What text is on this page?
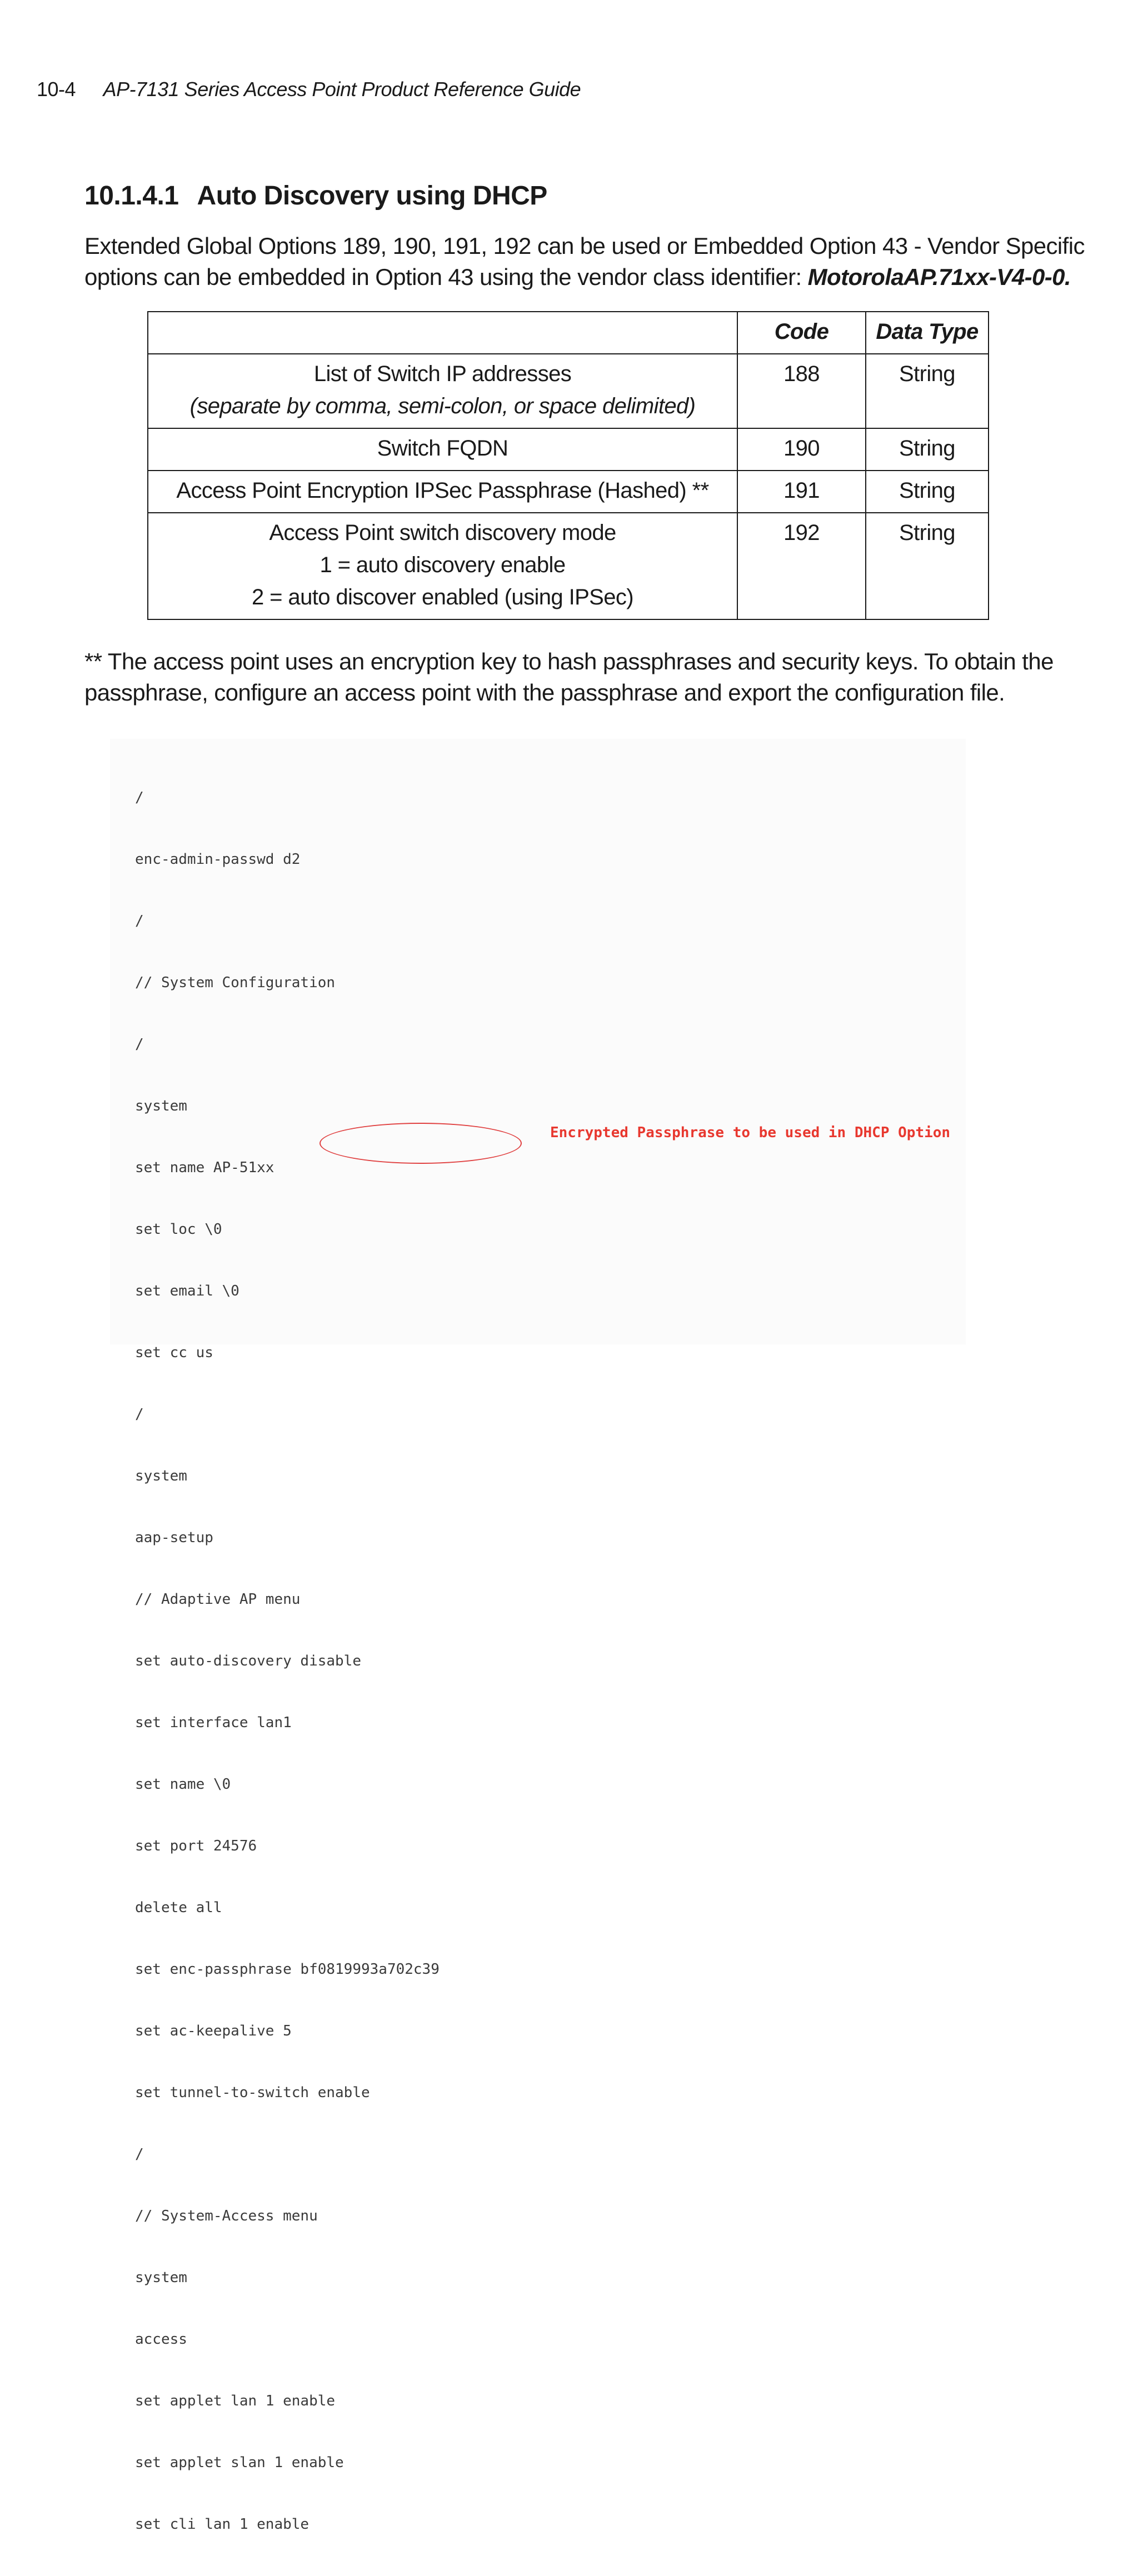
10-4 AP-7131 Series Access Point Product Reference Guide
10.1.4.1 Auto Discovery using DHCP
Extended Global Options 189, 190, 191, 192 can be used or Embedded Option 43 - Vendor Specific options can be embedded in Option 43 using the vendor class identifier: MotorolaAP.71xx-V4-0-0.
	Code	Data Type

List of Switch IP addresses
(separate by comma, semi-colon, or space delimited)	188	String
Switch FQDN	190	String
Access Point Encryption IPSec Passphrase (Hashed) **	191	String

Access Point switch discovery mode
1 = auto discovery enable
2 = auto discover enabled (using IPSec)	192	String
** The access point uses an encryption key to hash passphrases and security keys. To obtain the passphrase, configure an access point with the passphrase and export the configuration file.

/

enc-admin-passwd d2

/

// System Configuration

/

system

set name AP-51xx

set loc \0

set email \0

set cc us

/

system

aap-setup

// Adaptive AP menu

set auto-discovery disable

set interface lan1

set name \0

set port 24576

delete all

set enc-passphrase bf0819993a702c39

set ac-keepalive 5

set tunnel-to-switch enable

/

// System-Access menu

system

access

set applet lan 1 enable

set applet slan 1 enable

set cli lan 1 enable

Encrypted Passphrase to be used in DHCP Option
